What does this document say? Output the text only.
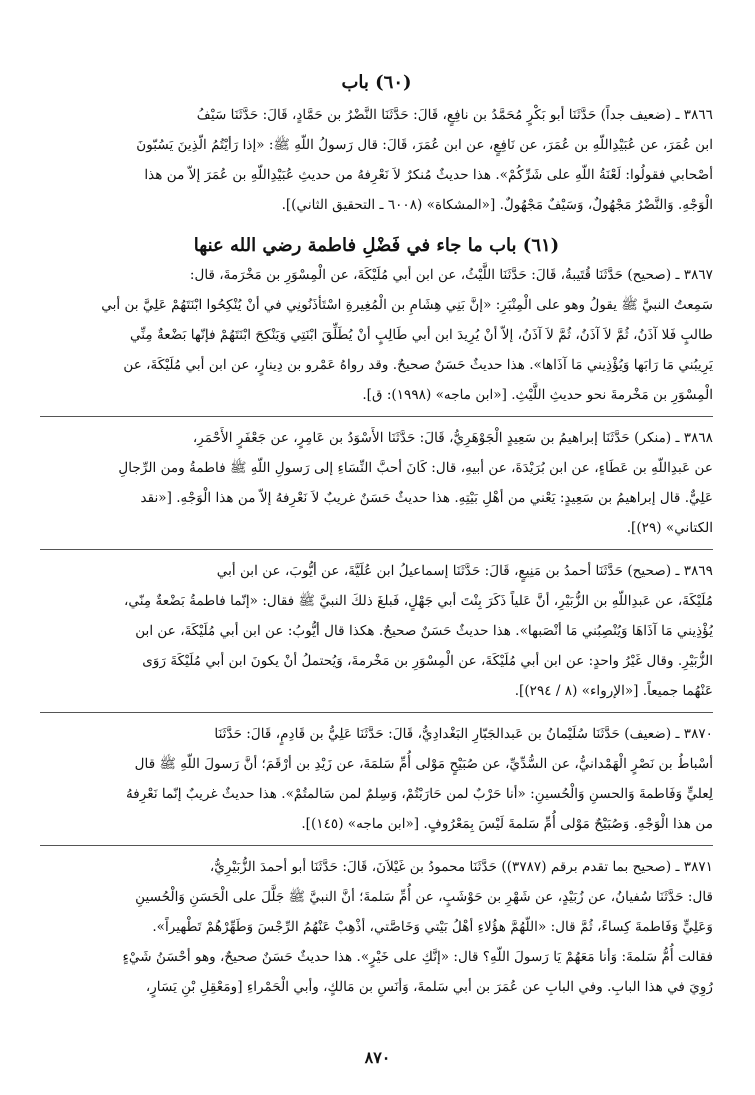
(٦٠) باب
٣٨٦٦ ـ (ضعيف جداً) حَدَّثَنَا أبو بَكْرٍ مُحَمَّدُ بن نافِعٍ، قَالَ: حَدَّثَنَا النَّضْرُ بن حَمَّادٍ، قَالَ: حَدَّثَنَا سَيْفُ
ابن عُمَرَ، عن عُبَيْدِاللّهِ بن عُمَرَ، عن نَافِعٍ، عن ابن عُمَرَ، قَالَ: قال رَسولُ اللّهِ ﷺ: «إذا رَأيْتُمُ الّذِينَ يَسُبّونَ
أصْحابي فقولُوا: لَعْنَةُ اللّهِ على شَرِّكُمْ». هذا حديثٌ مُنكرٌ لاَ نَعْرِفهُ من حديثِ عُبَيْدِاللّهِ بن عُمَرَ إلاّ من هذا
الْوَجْهِ. وَالنَّضْرُ مَجْهُولٌ، وَسَيْفٌ مَجْهُولٌ. [«المشكاة» (٦٠٠٨ ـ التحقيق الثاني)].
(٦١) باب ما جاء في فَضْلِ فاطمة رضي الله عنها
٣٨٦٧ ـ (صحيح) حَدَّثَنَا قُتَيبةُ، قَالَ: حَدَّثَنَا اللَّيْثُ، عن ابن أبي مُلَيْكَةَ، عن الْمِسْوَرِ بن مَخْرَمةَ، قال:
سَمِعتُ النبيَّ ﷺ يقولُ وهو على الْمِنْبَرِ: «إنَّ بَنِي هِشَامِ بن الْمُغِيرةِ اسْتَأذَنُونِي في أنْ يُنْكِحُوا ابْنَتَهُمْ عَلِيَّ بن أبي
طالبٍ فَلا آذَنُ، ثُمَّ لاَ آذَنُ، ثُمَّ لاَ آذَنُ، إلاّ أنْ يُرِيدَ ابن أبي طَالِبٍ أنْ يُطَلِّقَ ابْنَتِي وَيَنْكِحَ ابْنَتَهُمْ فإنّها بَضْعةٌ مِنِّي
يَرِيبُني مَا رَابَها وَيُؤْذِيني مَا آذَاها». هذا حديثٌ حَسَنٌ صحيحٌ. وقد رواهُ عَمْرو بن دِينارٍ، عن ابن أبي مُلَيْكَةَ، عن
الْمِسْوَرِ بن مَخْرمةَ نحو حديثِ اللَّيْثِ. [«ابن ماجه» (١٩٩٨): ق].
٣٨٦٨ ـ (منكر) حَدَّثَنَا إبراهيمُ بن سَعِيدٍ الْجَوْهَرِيُّ، قَالَ: حَدَّثَنَا الأَسْوَدُ بن عَامِرٍ، عن جَعْفَرٍ الأَحْمَرِ،
عن عَبدِاللّهِ بن عَطَاءٍ، عن ابن بُرَيْدَةَ، عن أبيهِ، قال: كَانَ أحبَّ النِّسَاءِ إلى رَسولِ اللّهِ ﷺ فاطمةُ ومن الرِّجالِ
عَلِيٌّ. قال إبراهيمُ بن سَعِيدٍ: يَعْني من أهْلِ بَيْتِهِ. هذا حديثٌ حَسَنٌ غريبٌ لاَ نَعْرِفهُ إلاّ من هذا الْوَجْهِ. [«نقد
الكتاني» (٢٩)].
٣٨٦٩ ـ (صحيح) حَدَّثَنَا أحمدُ بن مَنِيعٍ، قَالَ: حَدَّثَنَا إسماعيلُ ابن عُلَيَّةَ، عن أيُّوبَ، عن ابن أبي
مُلَيْكَةَ، عن عَبدِاللّهِ بن الزُّبَيْرِ، أنَّ عَلياً ذَكَرَ بِنْتَ أبي جَهْلٍ، فَبلغَ ذلكَ النبيَّ ﷺ فقال: «إنّما فاطمةُ بَضْعةٌ مِنّي،
يُؤْذِيني مَا آذَاهَا وَيُنْصِبُني مَا أنْصَبها». هذا حديثٌ حَسَنٌ صحيحٌ. هكذا قال أيُّوبُ: عن ابن أبي مُلَيْكَةَ، عن ابن
الزُّبَيْرِ. وقال غَيْرُ واحدٍ: عن ابن أبي مُلَيْكَةَ، عن الْمِسْوَرِ بن مَخْرمةَ، وَيُحتملُ أنْ يكونَ ابن أبي مُلَيْكَةَ رَوَى
عَنْهُما جميعاً. [«الإرواء» (٨ / ٢٩٤)].
٣٨٧٠ ـ (ضعيف) حَدَّثَنَا سُلَيْمانُ بن عَبدالجَبّارِ البَغْدادِيُّ، قَالَ: حَدَّثَنَا عَلِيُّ بن قَادِمٍ، قَالَ: حَدَّثَنَا
أسْباطُ بن نَصْرٍ الْهَمْدانيُّ، عن السُّدِّيِّ، عن صُبَيْحٍ مَوْلى أُمِّ سَلمَةَ، عن زَيْدِ بن أرْقَمَ؛ أنَّ رَسولَ اللّهِ ﷺ قال
لِعليٍّ وَفَاطمةَ وَالحسنِ وَالْحُسينِ: «أنا حَرْبٌ لمن حَارَبْتُمْ، وَسِلمٌ لمن سَالمتُمْ». هذا حديثٌ غريبٌ إنّما نَعْرِفهُ
من هذا الْوَجْهِ. وَصُبَيْحٌ مَوْلى أُمِّ سَلمةَ لَيْسَ بِمَعْرُوفٍ. [«ابن ماجه» (١٤٥)].
٣٨٧١ ـ (صحيح بما تقدم برقم (٣٧٨٧)) حَدَّثَنَا محمودُ بن غَيْلاَنَ، قَالَ: حَدَّثَنَا أبو أحمدَ الزُّبَيْرِيُّ،
قال: حَدَّثَنَا سُفيانُ، عن زُبَيْدٍ، عن شَهْرِ بن حَوْشَبٍ، عن أُمِّ سَلمةَ؛ أنَّ النبيَّ ﷺ جَلَّلَ على الْحَسَنِ وَالْحُسينِ
وَعَلِيٍّ وَفَاطمةَ كِساءً، ثُمَّ قال: «اللّهُمَّ هؤُلاءِ أهْلُ بَيْتي وَخَاصَّتي، أذْهِبْ عَنْهُمُ الرِّجْسَ وَطَهِّرْهُمْ تَطْهيراً».
فقالت أُمُّ سَلمةَ: وَأنا مَعَهُمْ يَا رَسولَ اللّهِ؟ قال: «إنَّكِ على خَيْرٍ». هذا حديثٌ حَسَنٌ صحيحٌ، وهو أحْسَنُ شَيْءٍ
رُوِيَ في هذا البابِ. وفي البابِ عن عُمَرَ بن أبي سَلمةَ، وَأنَسِ بن مَالكٍ، وأبي الْحَمْراءِ [ومَعْقِلِ بْنِ يَسَارٍ،
٨٧٠
